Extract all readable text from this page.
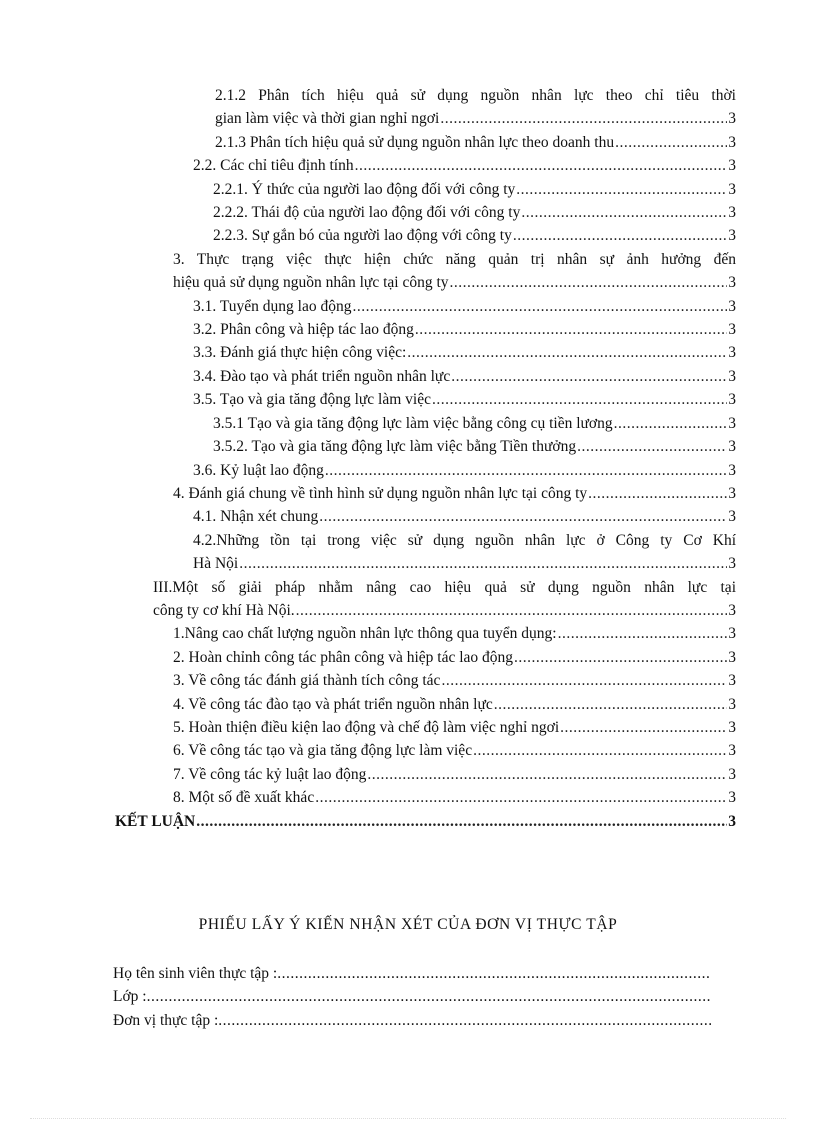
2.1.2 Phân tích hiệu quả sử dụng nguồn nhân lực theo chỉ tiêu thời
gian làm việc và thời gian nghỉ ngơi .....	3
2.1.3 Phân tích hiệu quả sử dụng nguồn nhân lực theo doanh thu .....	3
2.2. Các chỉ tiêu định tính .....	3
2.2.1. Ý thức của người lao động đối với công ty .....	3
2.2.2. Thái độ của người lao động đối với công ty .....	3
2.2.3. Sự gắn bó của người lao động với công ty .....	3
3. Thực trạng việc thực hiện chức năng quản trị nhân sự ảnh hưởng đến
hiệu quả sử dụng nguồn nhân lực tại công ty .....	3
3.1. Tuyển dụng lao động .....	3
3.2. Phân công và hiệp tác lao động .....	3
3.3. Đánh giá thực hiện công việc: .....	3
3.4. Đào tạo và phát triển nguồn nhân lực .....	3
3.5. Tạo và gia tăng động lực làm việc .....	3
3.5.1 Tạo và gia tăng động lực làm việc bằng công cụ tiền lương .....	3
3.5.2. Tạo và gia tăng động lực làm việc bằng Tiền thưởng .....	3
3.6. Kỷ luật lao động .....	3
4. Đánh giá chung về tình hình sử dụng nguồn nhân lực tại công ty .....	3
4.1. Nhận xét chung .....	3
4.2.Những tồn tại trong việc sử dụng nguồn nhân lực ở Công ty Cơ Khí
Hà Nội .....	3
III.Một số giải pháp nhằm nâng cao hiệu quả sử dụng nguồn nhân lực tại
công ty cơ khí Hà Nội. .....	3
1.Nâng cao chất lượng nguồn nhân lực thông qua tuyển dụng: .....	3
2. Hoàn chỉnh công tác phân công và hiệp tác lao động .....	3
3. Về công tác đánh giá thành tích công tác .....	3
4. Về công tác đào tạo và phát triển nguồn nhân lực .....	3
5. Hoàn thiện điều kiện lao động và chế độ làm việc nghỉ ngơi .....	3
6. Về công tác tạo và gia tăng động lực làm việc .....	3
7. Về công tác kỷ luật lao động .....	3
8. Một số đề xuất khác .....	3
KẾT LUẬN .....	3
PHIẾU LẤY Ý KIẾN NHẬN XÉT CỦA ĐƠN VỊ THỰC TẬP
Họ tên sinh viên thực tập :
.....
Lớp :
.....
Đơn vị thực tập :
.....
